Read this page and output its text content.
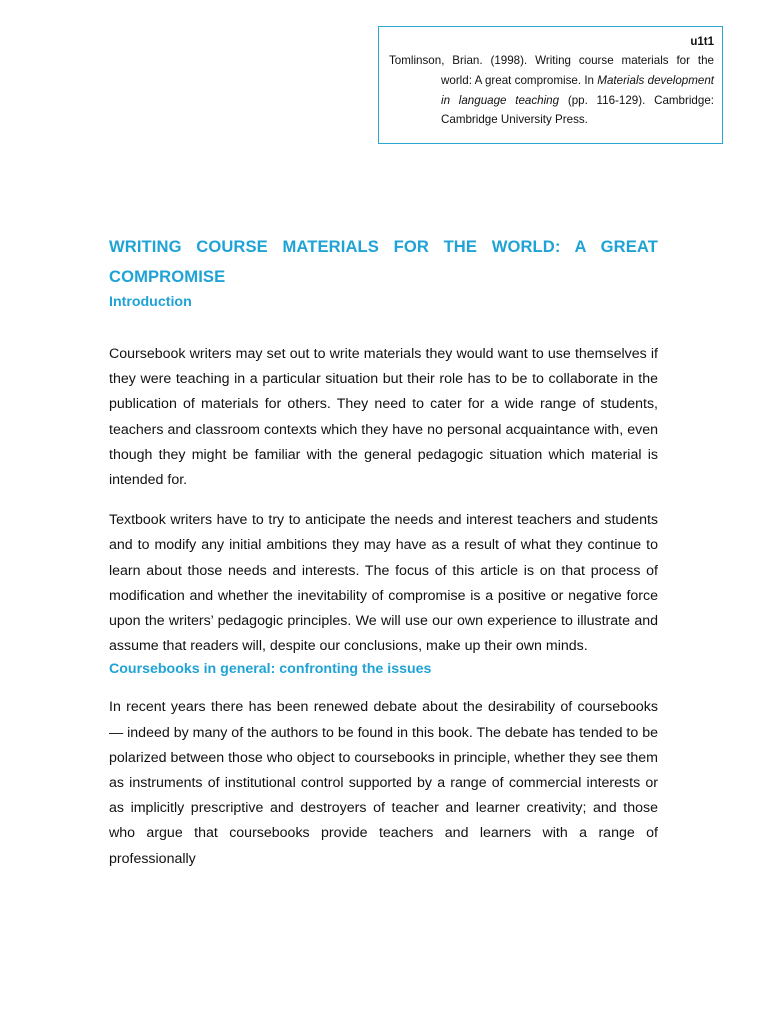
u1t1
Tomlinson, Brian. (1998). Writing course materials for the world: A great compromise. In Materials development in language teaching (pp. 116-129). Cambridge: Cambridge University Press.
WRITING COURSE MATERIALS FOR THE WORLD: A GREAT COMPROMISE
Introduction

Coursebook writers may set out to write materials they would want to use themselves if they were teaching in a particular situation but their role has to be to collaborate in the publication of materials for others. They need to cater for a wide range of students, teachers and classroom contexts which they have no personal acquaintance with, even though they might be familiar with the general pedagogic situation which material is intended for.

Textbook writers have to try to anticipate the needs and interest teachers and students and to modify any initial ambitions they may have as a result of what they continue to learn about those needs and interests. The focus of this article is on that process of modification and whether the inevitability of compromise is a positive or negative force upon the writers’ pedagogic principles. We will use our own experience to illustrate and assume that readers will, despite our conclusions, make up their own minds.

Coursebooks in general: confronting the issues

In recent years there has been renewed debate about the desirability of coursebooks — indeed by many of the authors to be found in this book. The debate has tended to be polarized between those who object to coursebooks in principle, whether they see them as instruments of institutional control supported by a range of commercial interests or as implicitly prescriptive and destroyers of teacher and learner creativity; and those who argue that coursebooks provide teachers and learners with a range of professionally
